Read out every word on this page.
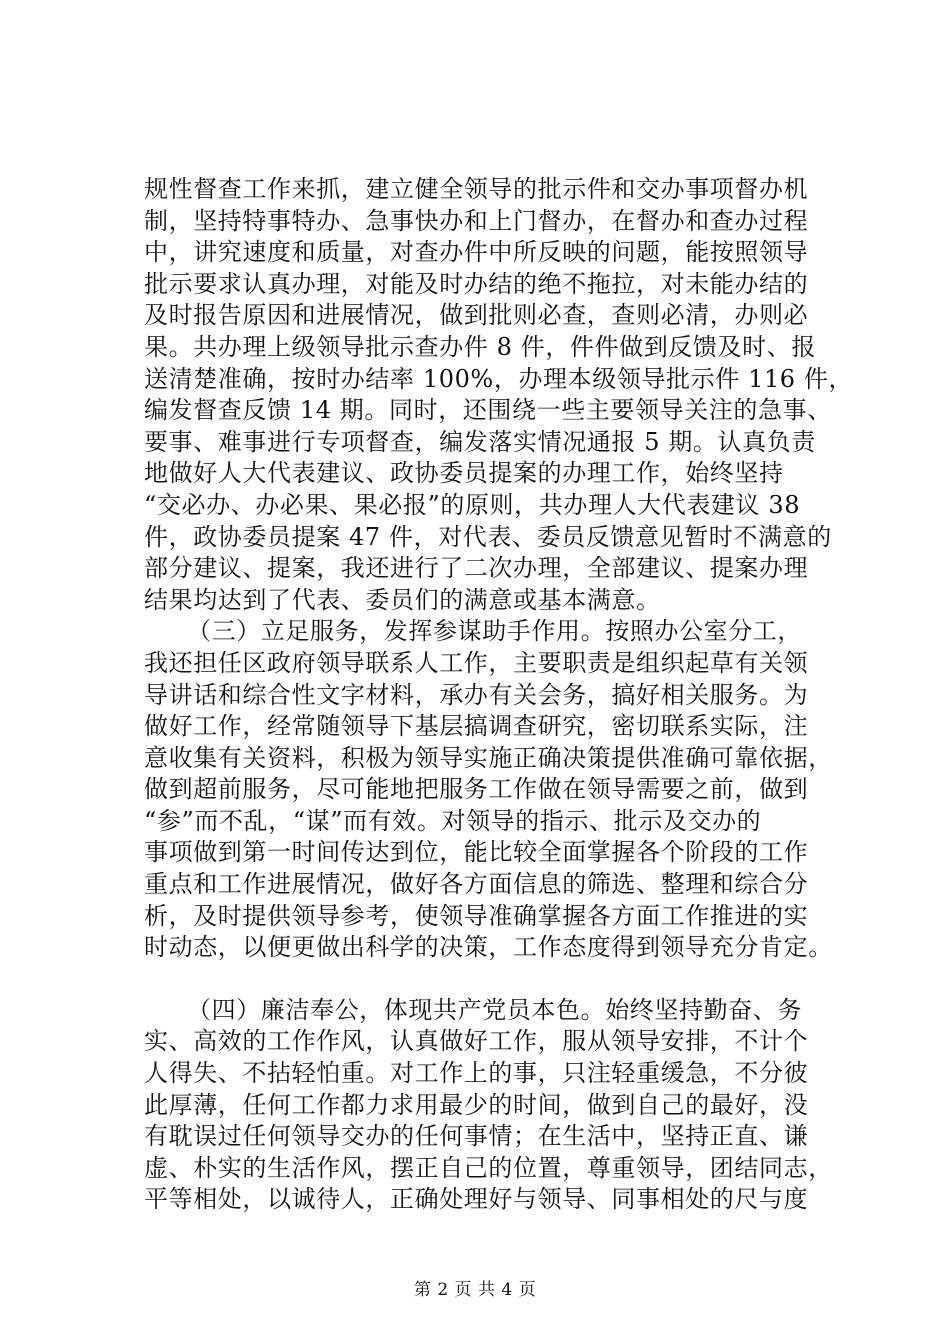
规性督查工作来抓，建立健全领导的批示件和交办事项督办机
制，坚持特事特办、急事快办和上门督办，在督办和查办过程
中，讲究速度和质量，对查办件中所反映的问题，能按照领导
批示要求认真办理，对能及时办结的绝不拖拉，对未能办结的
及时报告原因和进展情况，做到批则必查，查则必清，办则必
果。共办理上级领导批示查办件 8 件，件件做到反馈及时、报
送清楚准确，按时办结率 100%，办理本级领导批示件 116 件，
编发督查反馈 14 期。同时，还围绕一些主要领导关注的急事、
要事、难事进行专项督查，编发落实情况通报 5 期。认真负责
地做好人大代表建议、政协委员提案的办理工作，始终坚持
“交必办、办必果、果必报”的原则，共办理人大代表建议 38
件，政协委员提案 47 件，对代表、委员反馈意见暂时不满意的
部分建议、提案，我还进行了二次办理，全部建议、提案办理
结果均达到了代表、委员们的满意或基本满意。
（三）立足服务，发挥参谋助手作用。按照办公室分工，
我还担任区政府领导联系人工作，主要职责是组织起草有关领
导讲话和综合性文字材料，承办有关会务，搞好相关服务。为
做好工作，经常随领导下基层搞调查研究，密切联系实际，注
意收集有关资料，积极为领导实施正确决策提供准确可靠依据，
做到超前服务，尽可能地把服务工作做在领导需要之前，做到
“参”而不乱，“谋”而有效。对领导的指示、批示及交办的
事项做到第一时间传达到位，能比较全面掌握各个阶段的工作
重点和工作进展情况，做好各方面信息的筛选、整理和综合分
析，及时提供领导参考，使领导准确掌握各方面工作推进的实
时动态，以便更做出科学的决策，工作态度得到领导充分肯定。
（四）廉洁奉公，体现共产党员本色。始终坚持勤奋、务
实、高效的工作作风，认真做好工作，服从领导安排，不计个
人得失、不拈轻怕重。对工作上的事，只注轻重缓急，不分彼
此厚薄，任何工作都力求用最少的时间，做到自己的最好，没
有耽误过任何领导交办的任何事情；在生活中，坚持正直、谦
虚、朴实的生活作风，摆正自己的位置，尊重领导，团结同志，
平等相处，以诚待人，正确处理好与领导、同事相处的尺与度
第 2 页 共 4 页
